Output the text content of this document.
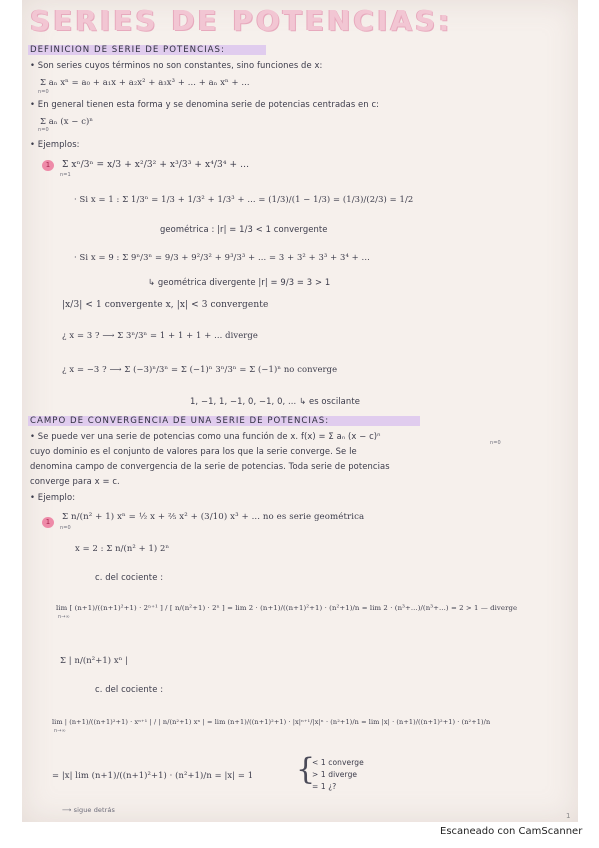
SERIES DE POTENCIAS:
DEFINICION DE SERIE DE POTENCIAS:
• Son series cuyos términos no son constantes, sino funciones de x:
Σ aₙ xⁿ = a₀ + a₁x + a₂x² + a₃x³ + ... + aₙ xⁿ + ...
n=0
• En general tienen esta forma y se denomina serie de potencias centradas en c:
Σ aₙ (x − c)ⁿ
n=0
• Ejemplos:
1	Σ xⁿ/3ⁿ = x/3 + x²/3² + x³/3³ + x⁴/3⁴ + ...
n=1
· Si x = 1 : Σ 1/3ⁿ = 1/3 + 1/3² + 1/3³ + ... = (1/3)/(1 − 1/3) = (1/3)/(2/3) = 1/2
geométrica : |r| = 1/3 < 1 convergente
· Si x = 9 : Σ 9ⁿ/3ⁿ = 9/3 + 9²/3² + 9³/3³ + ... = 3 + 3² + 3³ + 3⁴ + ...
↳ geométrica divergente |r| = 9/3 = 3 > 1
|x/3| < 1 convergente x, |x| < 3 convergente
¿ x = 3 ? ⟶ Σ 3ⁿ/3ⁿ = 1 + 1 + 1 + ... diverge
¿ x = −3 ? ⟶ Σ (−3)ⁿ/3ⁿ = Σ (−1)ⁿ 3ⁿ/3ⁿ = Σ (−1)ⁿ no converge
1, −1, 1, −1, 0, −1, 0, ... ↳ es oscilante
CAMPO DE CONVERGENCIA DE UNA SERIE DE POTENCIAS:
• Se puede ver una serie de potencias como una función de x. f(x) = Σ aₙ (x − c)ⁿ
n=0
cuyo dominio es el conjunto de valores para los que la serie converge. Se le
denomina campo de convergencia de la serie de potencias. Toda serie de potencias
converge para x = c.
• Ejemplo:
1	Σ n/(n² + 1) xⁿ = ½ x + ⅖ x² + (3/10) x³ + ... no es serie geométrica
n=0
x = 2 : Σ n/(n² + 1) 2ⁿ
c. del cociente :
lim [ (n+1)/((n+1)²+1) · 2ⁿ⁺¹ ] / [ n/(n²+1) · 2ⁿ ] = lim 2 · (n+1)/((n+1)²+1) · (n²+1)/n = lim 2 · (n³+...)/(n³+...) = 2 > 1 — diverge
n→∞
Σ | n/(n²+1) xⁿ |
c. del cociente :
lim | (n+1)/((n+1)²+1) · xⁿ⁺¹ | / | n/(n²+1) xⁿ | = lim (n+1)/((n+1)²+1) · |x|ⁿ⁺¹/|x|ⁿ · (n²+1)/n = lim |x| · (n+1)/((n+1)²+1) · (n²+1)/n
n→∞
= |x| lim (n+1)/((n+1)²+1) · (n²+1)/n = |x| = 1 {
< 1 converge
> 1 diverge
= 1 ¿?
⟶ sigue detrás
1
Escaneado con CamScanner
